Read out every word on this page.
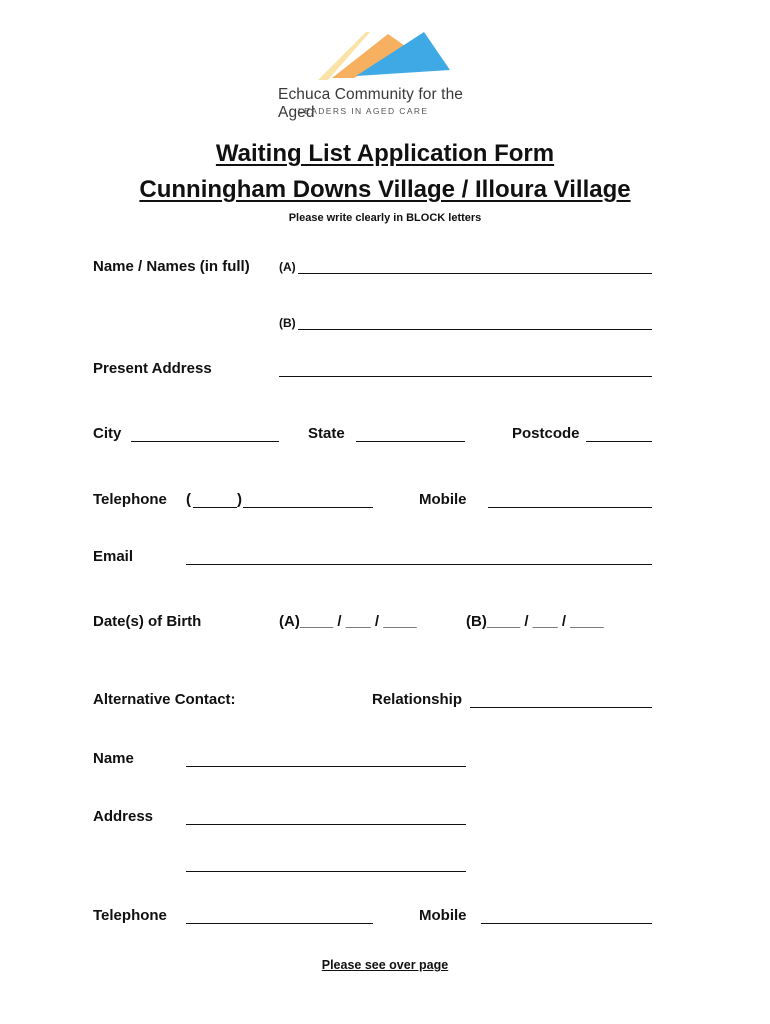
Echuca Community for the Aged
LEADERS IN AGED CARE
Waiting List Application Form
Cunningham Downs Village / Illoura Village
Please write clearly in BLOCK letters
Name / Names (in full) (A)
(B)
Present Address
City	State	Postcode
Telephone (	)	Mobile
Email
Date(s) of Birth	(A)____ / ___ / ____	(B)____ / ___ / ____
Alternative Contact:	Relationship
Name
Address
Telephone	Mobile
Please see over page
